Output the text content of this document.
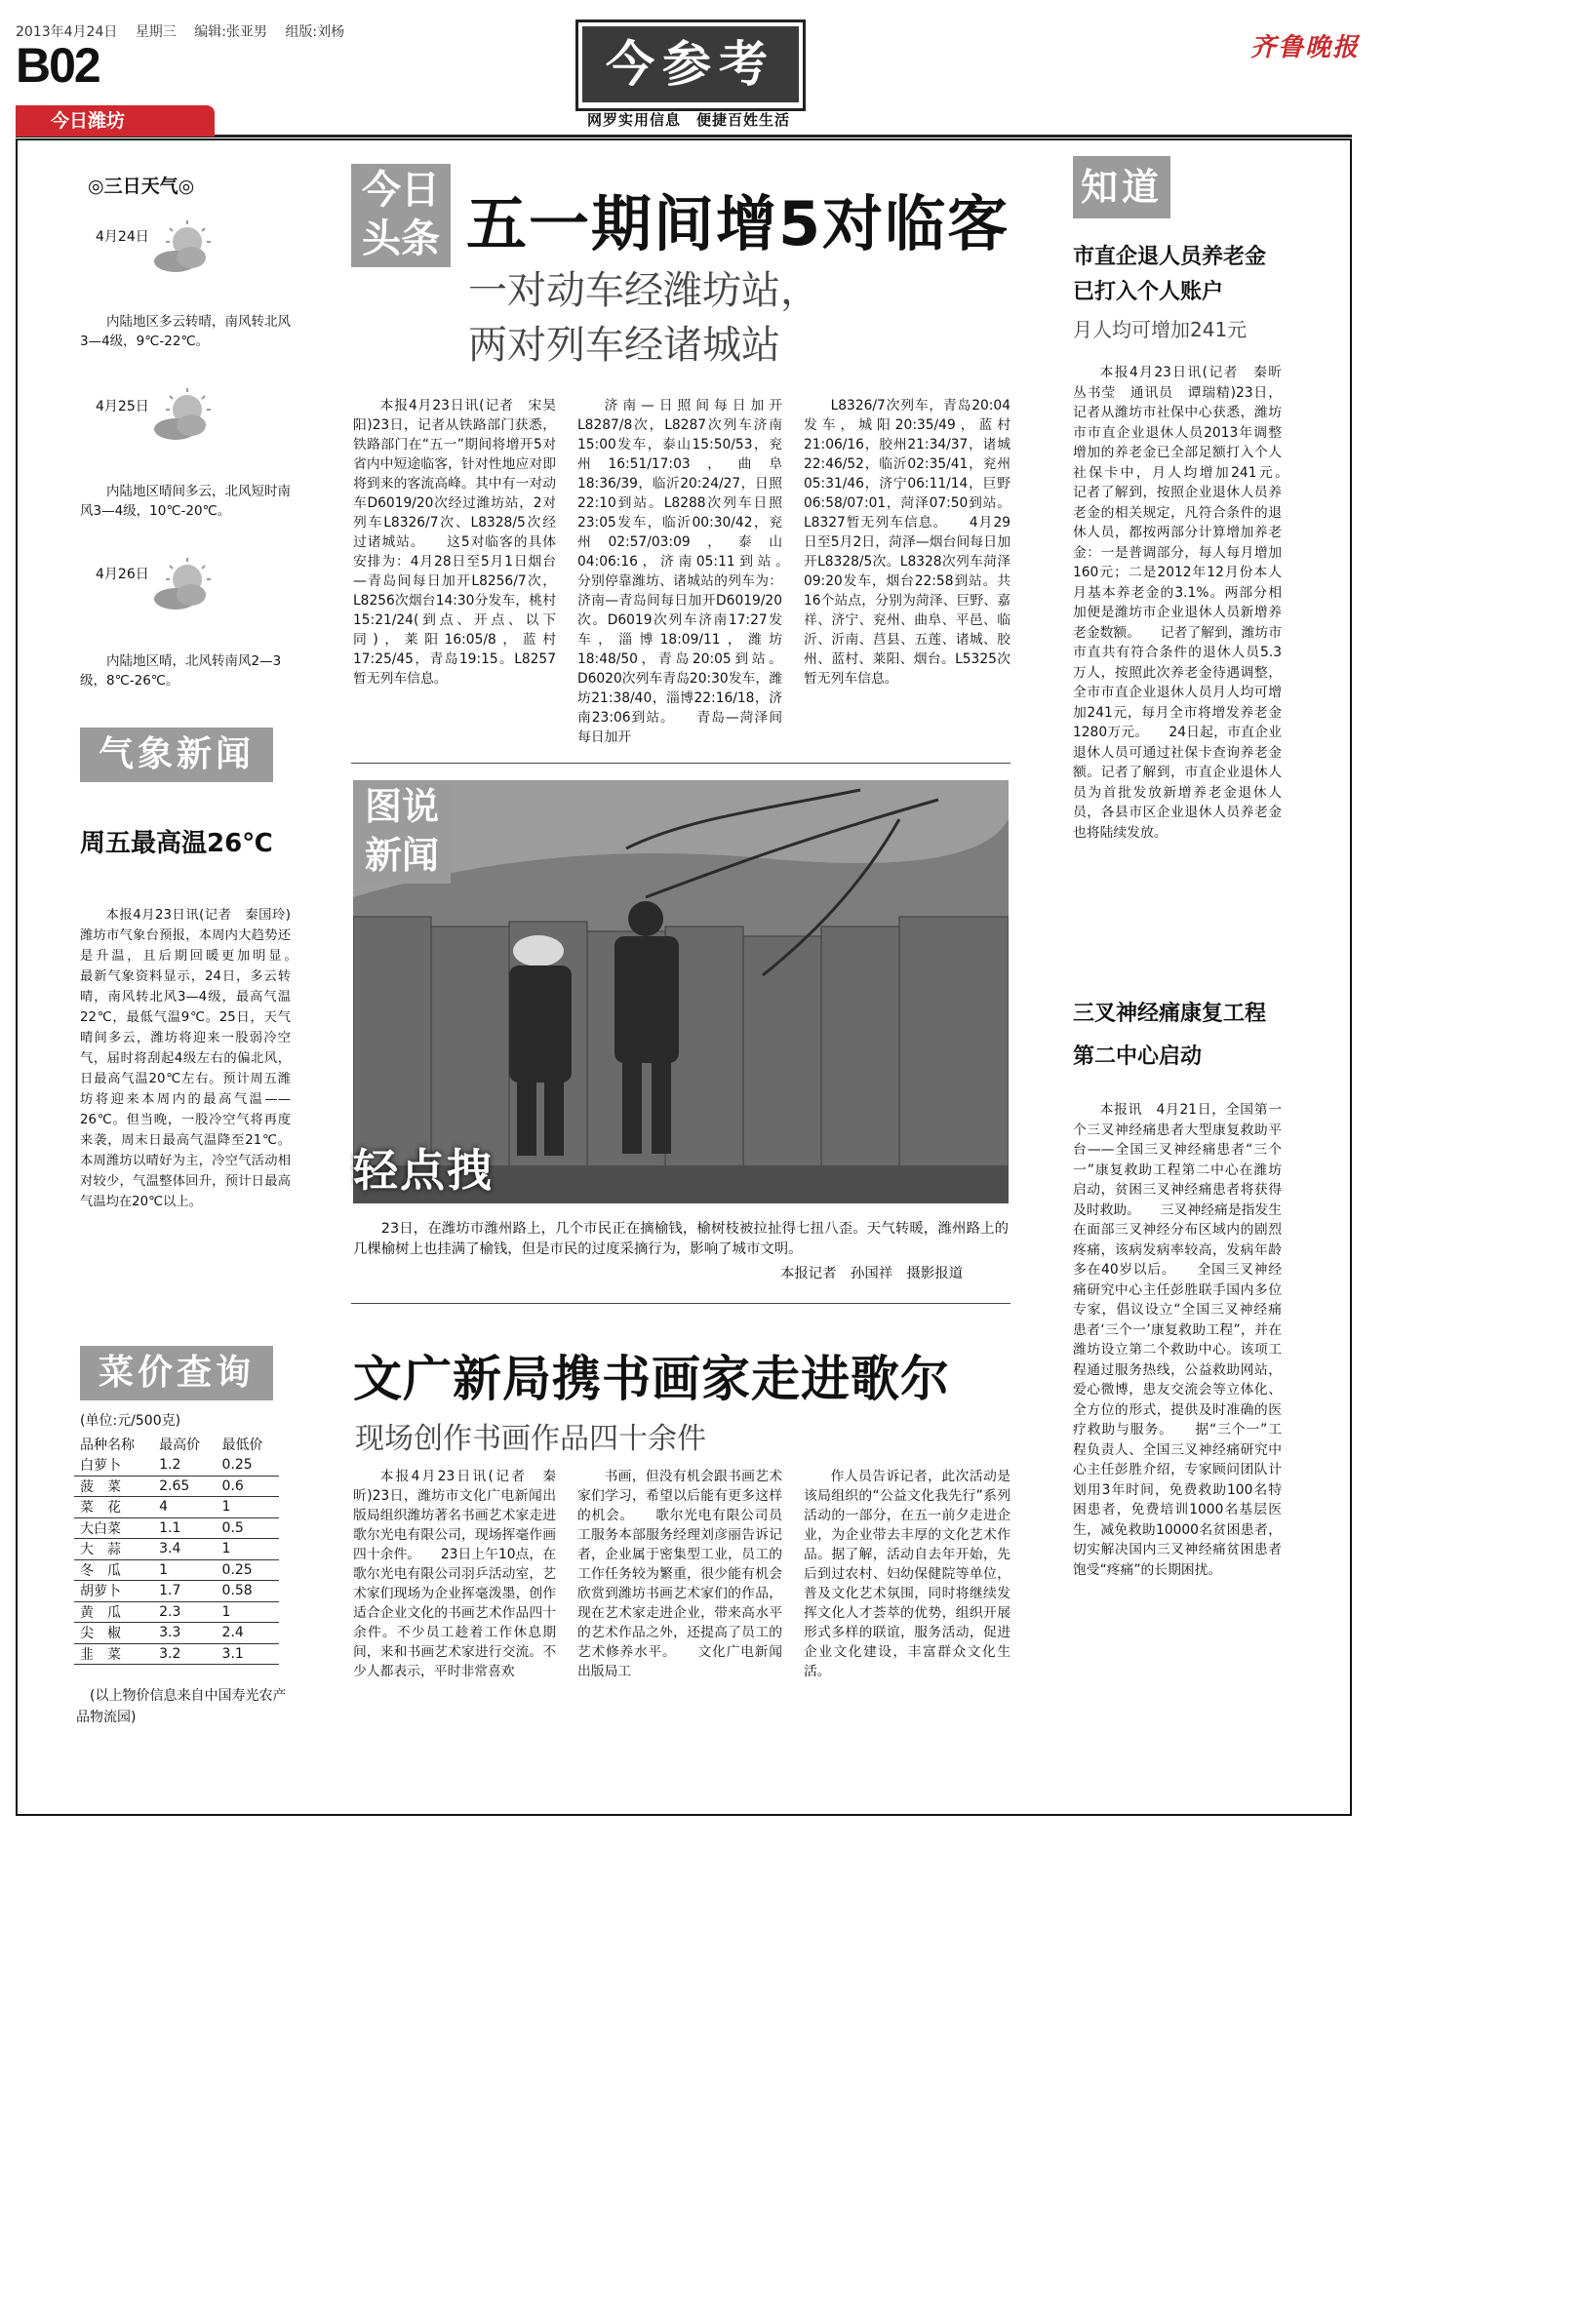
2013年4月24日 星期三 编辑:张亚男 组版:刘杨
B02
今日潍坊
今参考
网罗实用信息　便捷百姓生活
齐鲁晚报
◎三日天气◎
4月24日
内陆地区多云转晴，南风转北风3—4级，9℃-22℃。
4月25日
内陆地区晴间多云，北风短时南风3—4级，10℃-20℃。
4月26日
内陆地区晴，北风转南风2—3级，8℃-26℃。
气象新闻
周五最高温26℃

本报4月23日讯(记者　秦国玲)潍坊市气象台预报，本周内大趋势还是升温，且后期回暖更加明显。　　最新气象资料显示，24日，多云转晴，南风转北风3—4级，最高气温22℃，最低气温9℃。25日，天气晴间多云，潍坊将迎来一股弱冷空气，届时将刮起4级左右的偏北风，日最高气温20℃左右。预计周五潍坊将迎来本周内的最高气温——26℃。但当晚，一股冷空气将再度来袭，周末日最高气温降至21℃。本周潍坊以晴好为主，冷空气活动相对较少，气温整体回升，预计日最高气温均在20℃以上。

菜价查询
(单位:元/500克)
品种名称	最高价	最低价
白萝卜	1.2	0.25
菠　菜	2.65	0.6
菜　花	4	1
大白菜	1.1	0.5
大　蒜	3.4	1
冬　瓜	1	0.25
胡萝卜	1.7	0.58
黄　瓜	2.3	1
尖　椒	3.3	2.4
韭　菜	3.2	3.1
(以上物价信息来自中国寿光农产品物流园)
今日头条 五一期间增5对临客
一对动车经潍坊站，
两对列车经诸城站

本报4月23日讯(记者　宋昊阳)23日，记者从铁路部门获悉，铁路部门在“五一”期间将增开5对省内中短途临客，针对性地应对即将到来的客流高峰。其中有一对动车D6019/20次经过潍坊站，2对列车L8326/7次、L8328/5次经过诸城站。　　这5对临客的具体安排为：4月28日至5月1日烟台—青岛间每日加开L8256/7次，L8256次烟台14:30分发车，桃村15:21/24(到点、开点、以下同)，莱阳16:05/8，蓝村17:25/45，青岛19:15。L8257暂无列车信息。

济南—日照间每日加开L8287/8次，L8287次列车济南15:00发车，泰山15:50/53，兖州16:51/17:03，曲阜18:36/39，临沂20:24/27，日照22:10到站。L8288次列车日照23:05发车，临沂00:30/42，兖州02:57/03:09，泰山04:06:16，济南05:11到站。　　分别停靠潍坊、诸城站的列车为：济南—青岛间每日加开D6019/20次。D6019次列车济南17:27发车，淄博18:09/11，潍坊18:48/50，青岛20:05到站。D6020次列车青岛20:30发车，潍坊21:38/40，淄博22:16/18，济南23:06到站。　　青岛—菏泽间每日加开

L8326/7次列车，青岛20:04发车，城阳20:35/49，蓝村21:06/16，胶州21:34/37，诸城22:46/52，临沂02:35/41，兖州05:31/46，济宁06:11/14，巨野06:58/07:01，菏泽07:50到站。L8327暂无列车信息。　　4月29日至5月2日，菏泽—烟台间每日加开L8328/5次。L8328次列车菏泽09:20发车，烟台22:58到站。共16个站点，分别为菏泽、巨野、嘉祥、济宁、兖州、曲阜、平邑、临沂、沂南、莒县、五莲、诸城、胶州、蓝村、莱阳、烟台。L5325次暂无列车信息。

图说新闻
轻点拽

23日，在潍坊市潍州路上，几个市民正在摘榆钱，榆树枝被拉扯得七扭八歪。天气转暖，潍州路上的几棵榆树上也挂满了榆钱，但是市民的过度采摘行为，影响了城市文明。

本报记者　孙国祥　摄影报道
文广新局携书画家走进歌尔
现场创作书画作品四十余件

本报4月23日讯(记者　秦昕)23日，潍坊市文化广电新闻出版局组织潍坊著名书画艺术家走进歌尔光电有限公司，现场挥毫作画四十余件。　　23日上午10点，在歌尔光电有限公司羽乒活动室，艺术家们现场为企业挥毫泼墨，创作适合企业文化的书画艺术作品四十余件。不少员工趁着工作休息期间，来和书画艺术家进行交流。不少人都表示，平时非常喜欢

书画，但没有机会跟书画艺术家们学习，希望以后能有更多这样的机会。　　歌尔光电有限公司员工服务本部服务经理刘彦丽告诉记者，企业属于密集型工业，员工的工作任务较为繁重，很少能有机会欣赏到潍坊书画艺术家们的作品，现在艺术家走进企业，带来高水平的艺术作品之外，还提高了员工的艺术修养水平。　　文化广电新闻出版局工

作人员告诉记者，此次活动是该局组织的“公益文化我先行”系列活动的一部分，在五一前夕走进企业，为企业带去丰厚的文化艺术作品。据了解，活动自去年开始，先后到过农村、妇幼保健院等单位，普及文化艺术氛围，同时将继续发挥文化人才荟萃的优势，组织开展形式多样的联谊，服务活动，促进企业文化建设，丰富群众文化生活。

知道
市直企退人员养老金
已打入个人账户
月人均可增加241元

本报4月23日讯(记者　秦昕　丛书莹　通讯员　谭瑞精)23日，记者从潍坊市社保中心获悉，潍坊市市直企业退休人员2013年调整增加的养老金已全部足额打入个人社保卡中，月人均增加241元。　　记者了解到，按照企业退休人员养老金的相关规定，凡符合条件的退休人员，都按两部分计算增加养老金：一是普调部分，每人每月增加160元；二是2012年12月份本人月基本养老金的3.1%。两部分相加便是潍坊市企业退休人员新增养老金数额。　　记者了解到，潍坊市市直共有符合条件的退休人员5.3万人，按照此次养老金待遇调整，全市市直企业退休人员月人均可增加241元，每月全市将增发养老金1280万元。　　24日起，市直企业退休人员可通过社保卡查询养老金额。记者了解到，市直企业退休人员为首批发放新增养老金退休人员，各县市区企业退休人员养老金也将陆续发放。

三叉神经痛康复工程
第二中心启动

本报讯　4月21日，全国第一个三叉神经痛患者大型康复救助平台——全国三叉神经痛患者“三个一”康复救助工程第二中心在潍坊启动，贫困三叉神经痛患者将获得及时救助。　　三叉神经痛是指发生在面部三叉神经分布区域内的剧烈疼痛，该病发病率较高，发病年龄多在40岁以后。　　全国三叉神经痛研究中心主任彭胜联手国内多位专家，倡议设立“全国三叉神经痛患者‘三个一’康复救助工程”，并在潍坊设立第二个救助中心。该项工程通过服务热线，公益救助网站，爱心微博，患友交流会等立体化、全方位的形式，提供及时准确的医疗救助与服务。　　据“三个一”工程负责人、全国三叉神经痛研究中心主任彭胜介绍，专家顾问团队计划用3年时间，免费救助100名特困患者，免费培训1000名基层医生，减免救助10000名贫困患者，切实解决国内三叉神经痛贫困患者饱受“疼痛”的长期困扰。
